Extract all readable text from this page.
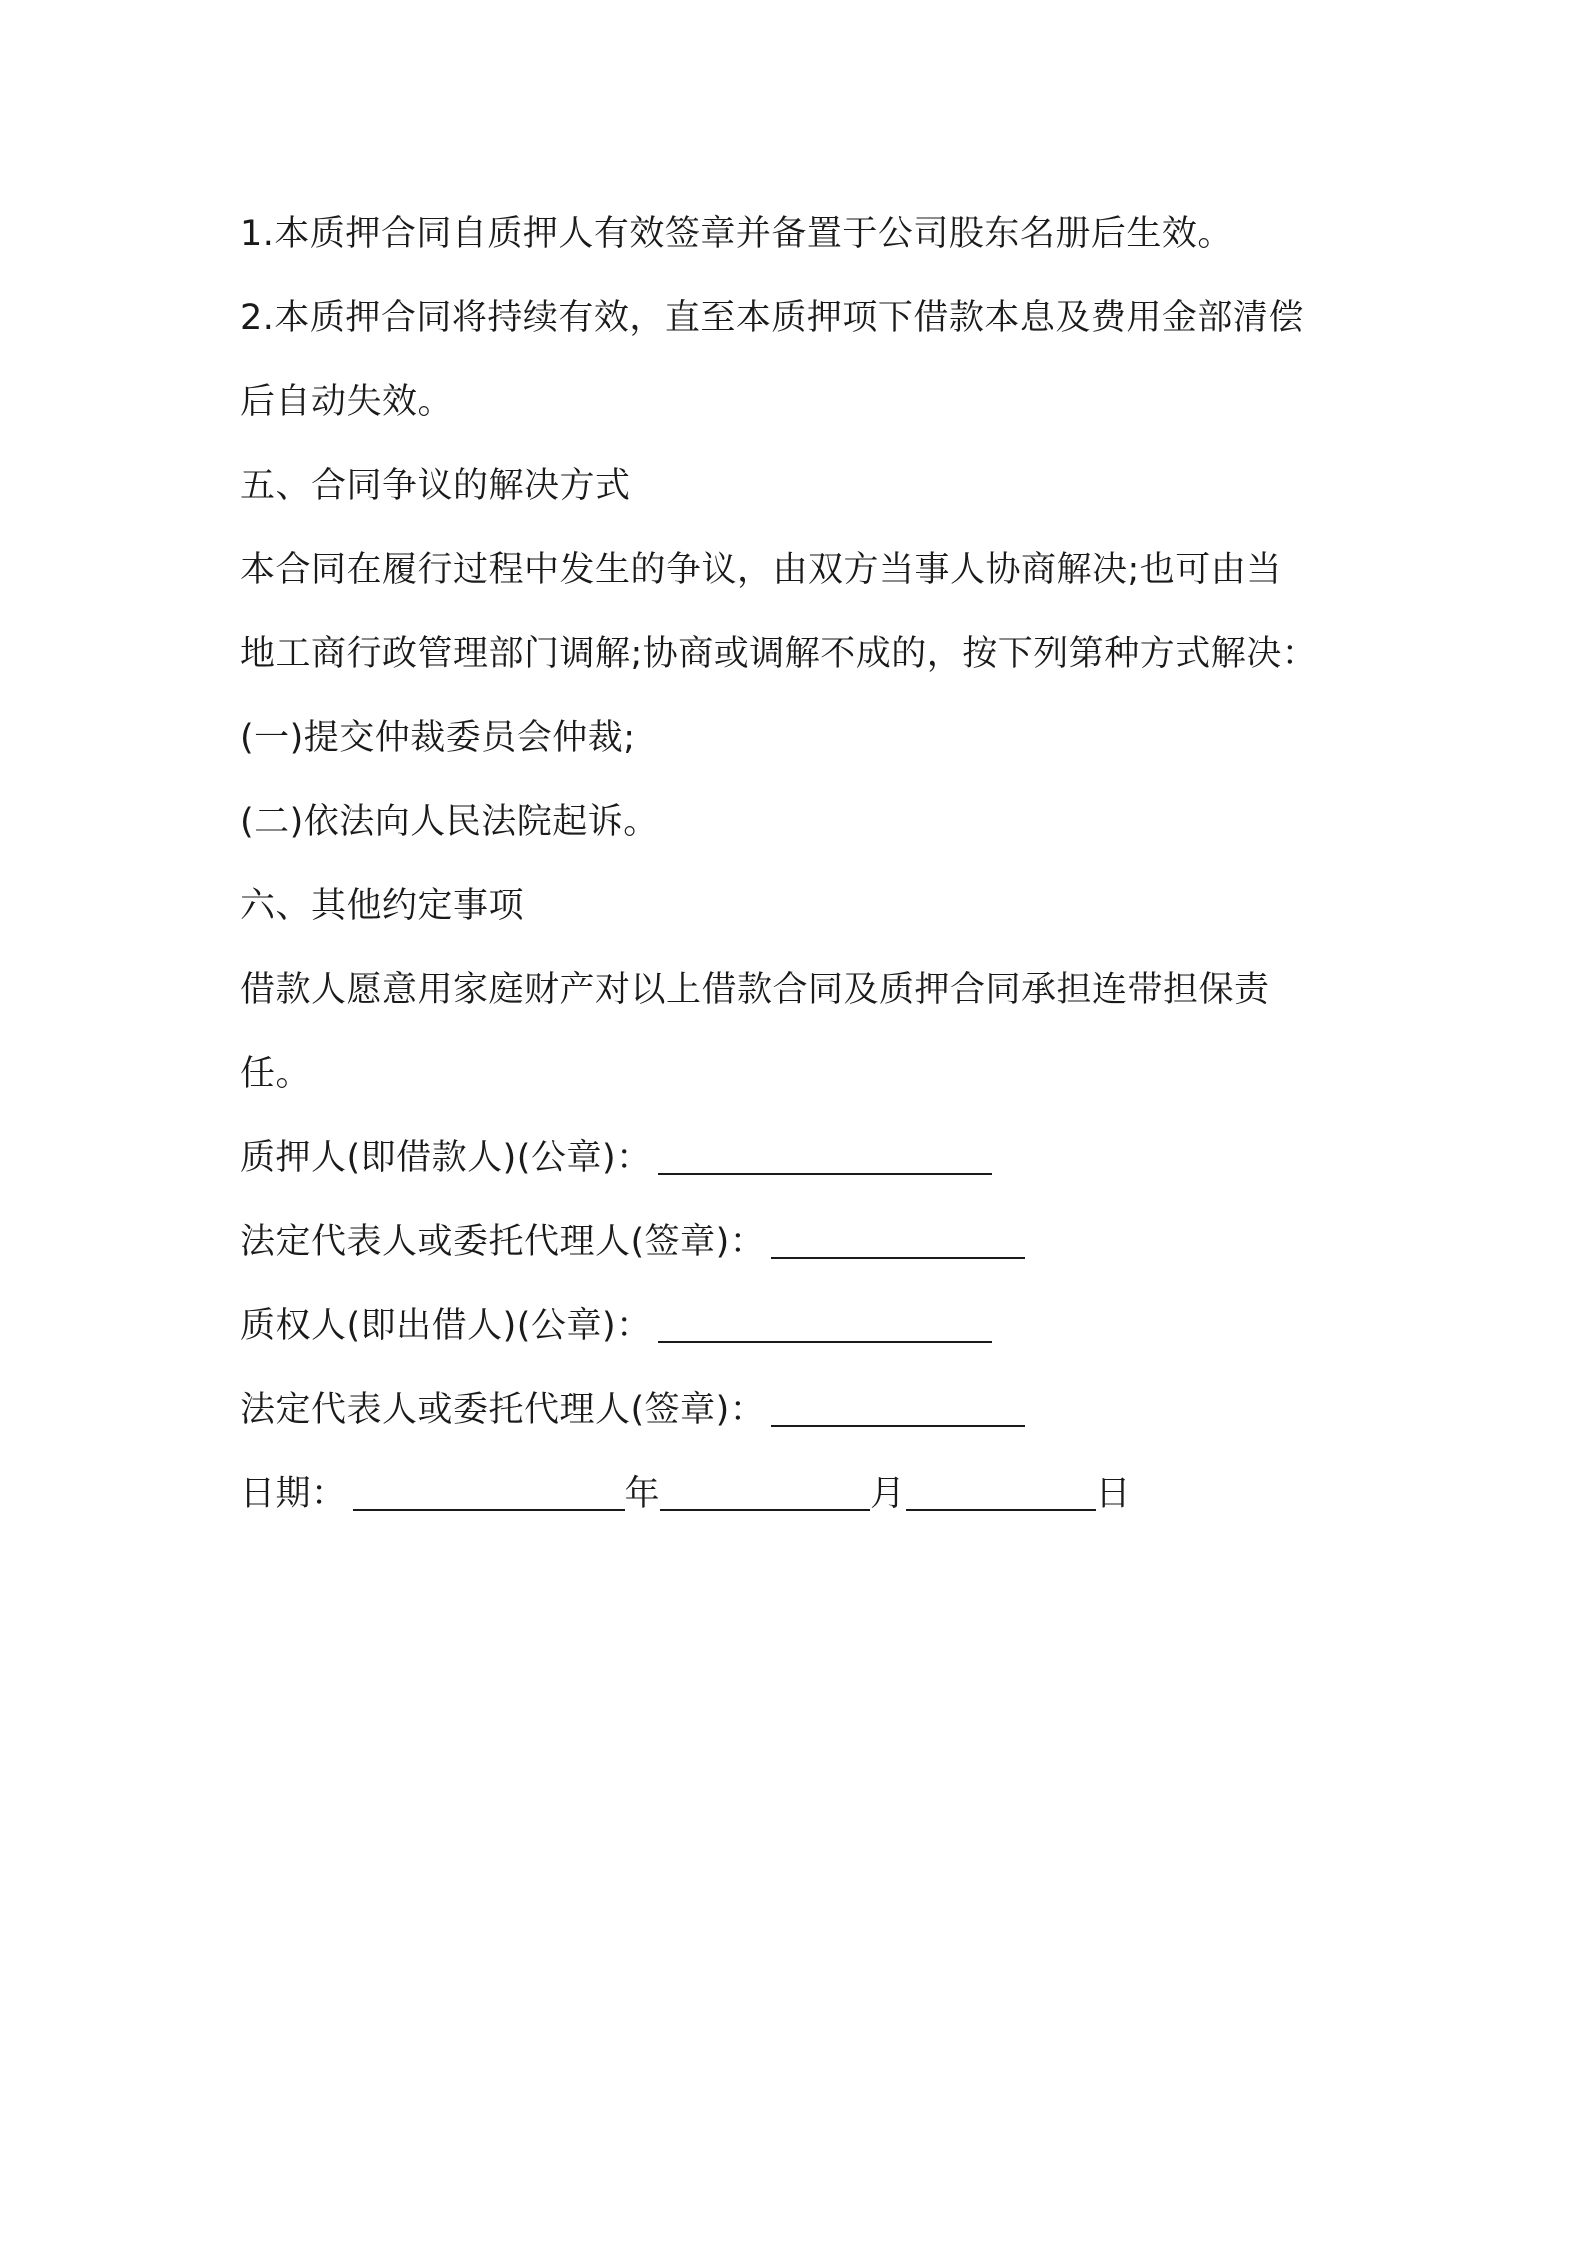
1.本质押合同自质押人有效签章并备置于公司股东名册后生效。
2.本质押合同将持续有效，直至本质押项下借款本息及费用金部清偿
后自动失效。
五、合同争议的解决方式
本合同在履行过程中发生的争议，由双方当事人协商解决;也可由当
地工商行政管理部门调解;协商或调解不成的，按下列第种方式解决：
(一)提交仲裁委员会仲裁;
(二)依法向人民法院起诉。
六、其他约定事项
借款人愿意用家庭财产对以上借款合同及质押合同承担连带担保责
任。
质押人(即借款人)(公章)：
法定代表人或委托代理人(签章)：
质权人(即出借人)(公章)：
法定代表人或委托代理人(签章)：
日期：	年	月	日
